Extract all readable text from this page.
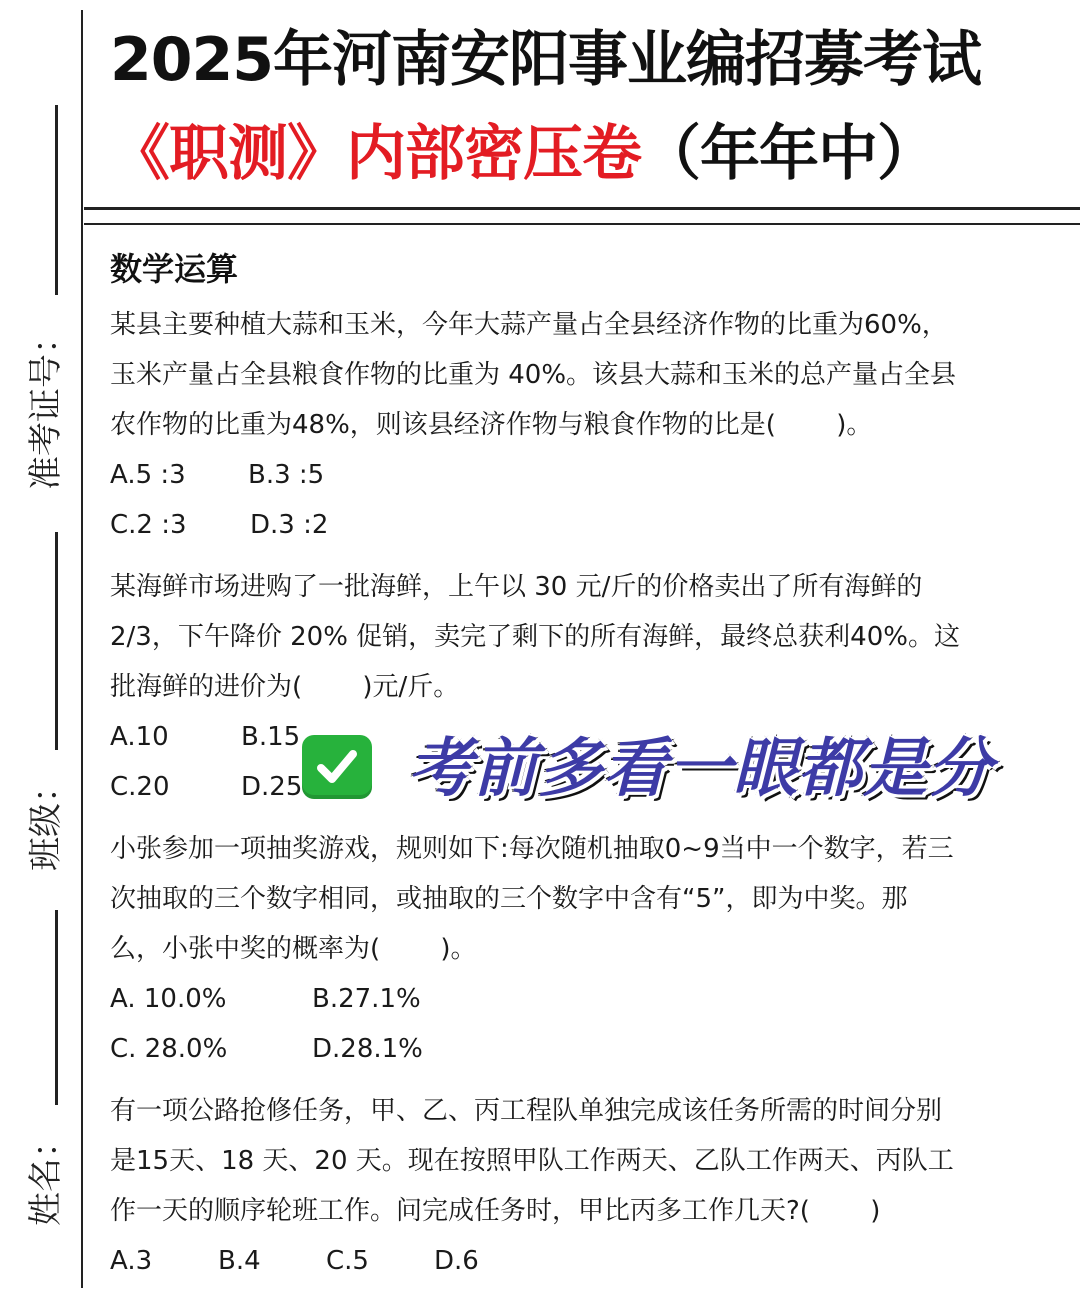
准考证号：
班级：
姓名：
2025年河南安阳事业编招募考试
《职测》内部密压卷（年年中）

数学运算

某县主要种植大蒜和玉米，今年大蒜产量占全县经济作物的比重为60%，

玉米产量占全县粮食作物的比重为 40%。该县大蒜和玉米的总产量占全县

农作物的比重为48%，则该县经济作物与粮食作物的比是(　　 )。

A.5 :3	B.3 :5
C.2 :3	D.3 :2

某海鲜市场进购了一批海鲜，上午以 30 元/斤的价格卖出了所有海鲜的

2/3，下午降价 20% 促销，卖完了剩下的所有海鲜，最终总获利40%。这

批海鲜的进价为(　　 )元/斤。

A.10	B.15
C.20	D.25

小张参加一项抽奖游戏，规则如下:每次随机抽取0~9当中一个数字，若三

次抽取的三个数字相同，或抽取的三个数字中含有“5”，即为中奖。那

么，小张中奖的概率为(　　 )。

A. 10.0%	B.27.1%
C. 28.0%	D.28.1%

有一项公路抢修任务，甲、乙、丙工程队单独完成该任务所需的时间分别

是15天、18 天、20 天。现在按照甲队工作两天、乙队工作两天、丙队工

作一天的顺序轮班工作。问完成任务时，甲比丙多工作几天?(　　 )

A.3	B.4	C.5	D.6
考前多看一眼都是分
